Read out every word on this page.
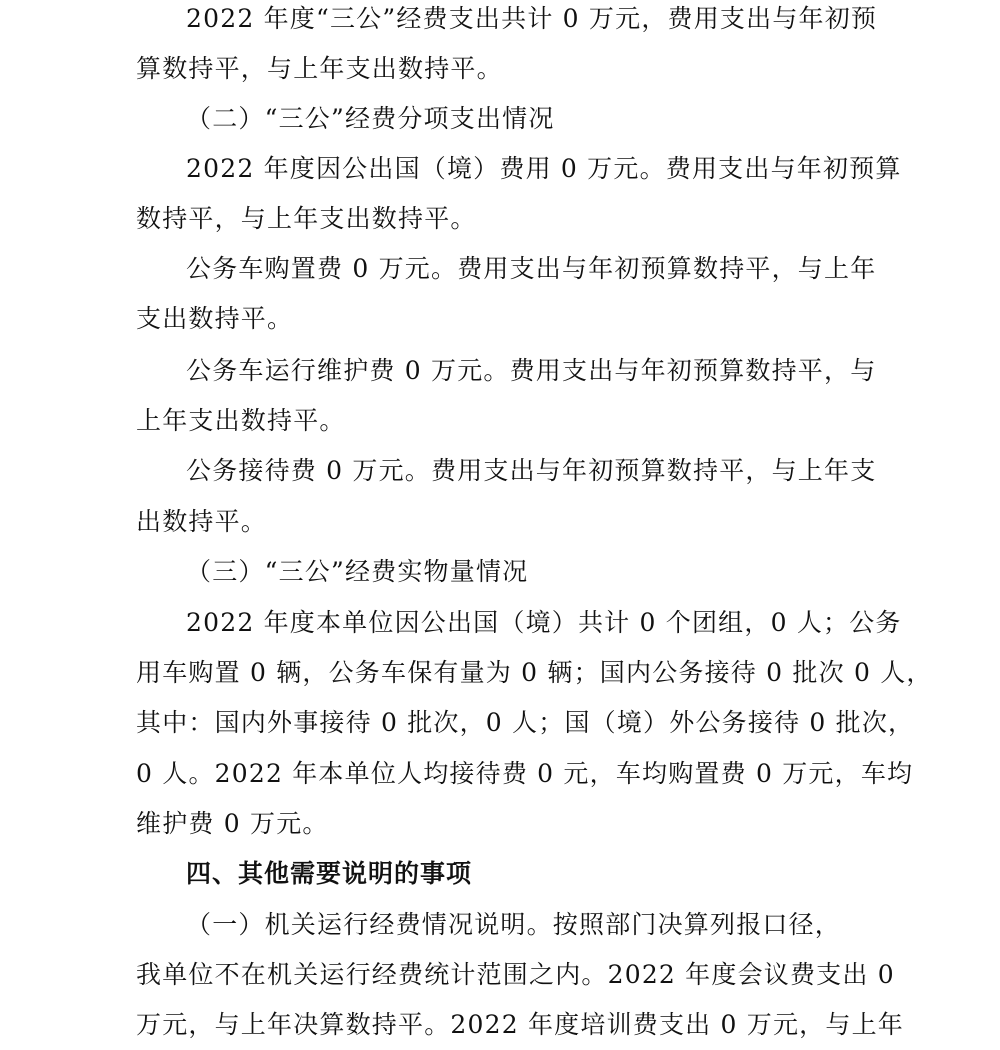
2022 年度“三公”经费支出共计 0 万元，费用支出与年初预
算数持平，与上年支出数持平。
（二）“三公”经费分项支出情况
2022 年度因公出国（境）费用 0 万元。费用支出与年初预算
数持平，与上年支出数持平。
公务车购置费 0 万元。费用支出与年初预算数持平，与上年
支出数持平。
公务车运行维护费 0 万元。费用支出与年初预算数持平，与
上年支出数持平。
公务接待费 0 万元。费用支出与年初预算数持平，与上年支
出数持平。
（三）“三公”经费实物量情况
2022 年度本单位因公出国（境）共计 0 个团组，0 人；公务
用车购置 0 辆，公务车保有量为 0 辆；国内公务接待 0 批次 0 人，
其中：国内外事接待 0 批次，0 人；国（境）外公务接待 0 批次，
0 人。2022 年本单位人均接待费 0 元，车均购置费 0 万元，车均
维护费 0 万元。
四、其他需要说明的事项
（一）机关运行经费情况说明。按照部门决算列报口径，
我单位不在机关运行经费统计范围之内。2022 年度会议费支出 0
万元，与上年决算数持平。2022 年度培训费支出 0 万元，与上年
